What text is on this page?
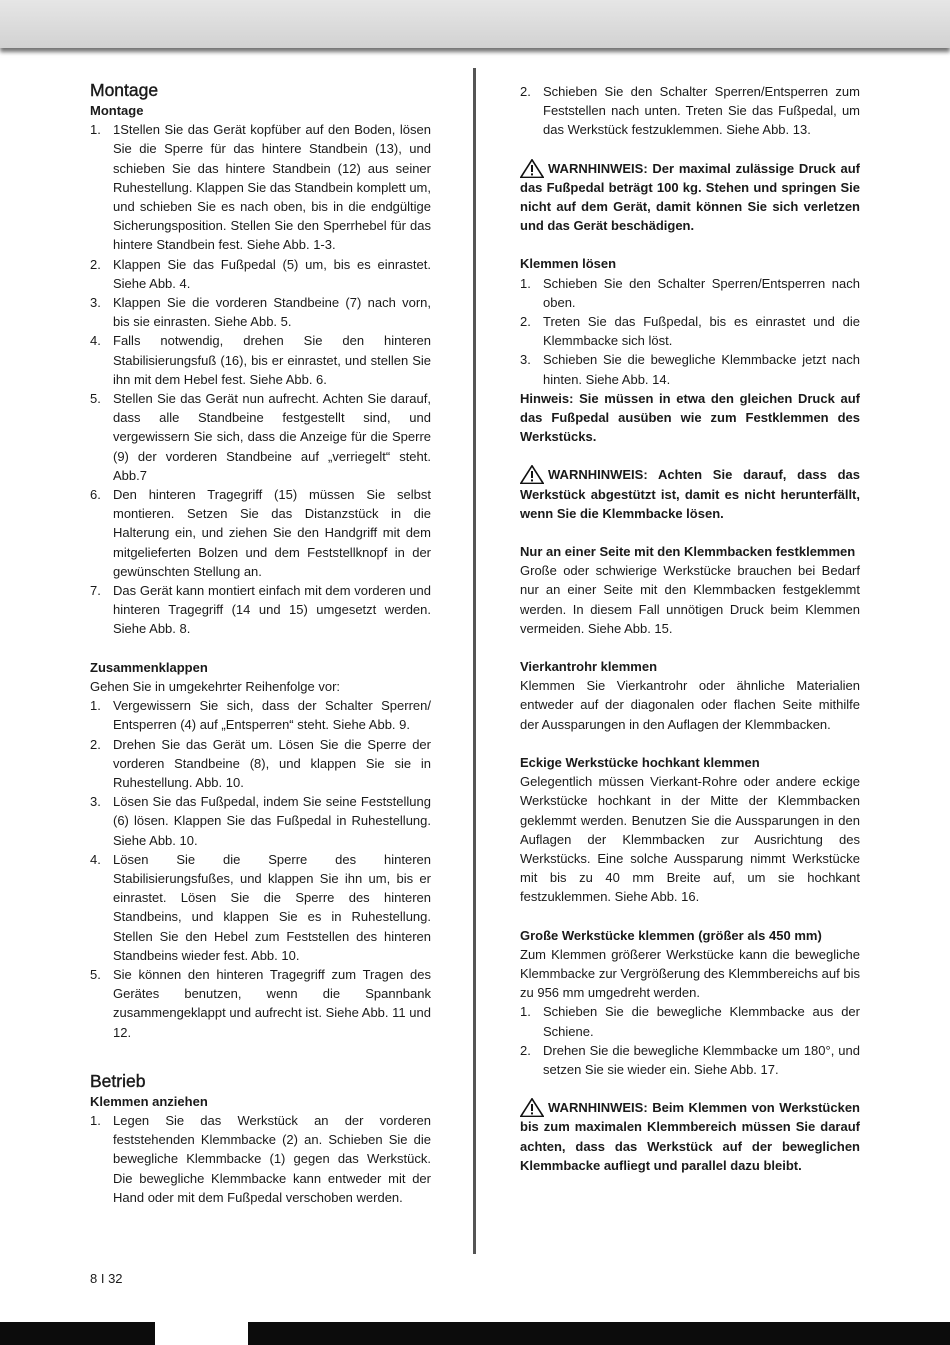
Montage
Montage
1. 1Stellen Sie das Gerät kopfüber auf den Boden, lösen Sie die Sperre für das hintere Standbein (13), und schieben Sie das hintere Standbein (12) aus seiner Ruhestellung. Klappen Sie das Standbein komplett um, und schieben Sie es nach oben, bis in die endgültige Sicherungsposition. Stellen Sie den Sperrhebel für das hintere Standbein fest. Siehe Abb. 1-3.
2. Klappen Sie das Fußpedal (5) um, bis es einrastet. Siehe Abb. 4.
3. Klappen Sie die vorderen Standbeine (7) nach vorn, bis sie einrasten. Siehe Abb. 5.
4. Falls notwendig, drehen Sie den hinteren Stabilisierungsfuß (16), bis er einrastet, und stellen Sie ihn mit dem Hebel fest. Siehe Abb. 6.
5. Stellen Sie das Gerät nun aufrecht. Achten Sie darauf, dass alle Standbeine festgestellt sind, und vergewissern Sie sich, dass die Anzeige für die Sperre (9) der vorderen Standbeine auf „verriegelt“ steht. Abb.7
6. Den hinteren Tragegriff (15) müssen Sie selbst montieren. Setzen Sie das Distanzstück in die Halterung ein, und ziehen Sie den Handgriff mit dem mitgelieferten Bolzen und dem Feststellknopf in der gewünschten Stellung an.
7. Das Gerät kann montiert einfach mit dem vorderen und hinteren Tragegriff (14 und 15) umgesetzt werden. Siehe Abb. 8.
Zusammenklappen

Gehen Sie in umgekehrter Reihenfolge vor:

1. Vergewissern Sie sich, dass der Schalter Sperren/ Entsperren (4) auf „Entsperren“ steht. Siehe Abb. 9.
2. Drehen Sie das Gerät um. Lösen Sie die Sperre der vorderen Standbeine (8), und klappen Sie sie in Ruhestellung. Abb. 10.
3. Lösen Sie das Fußpedal, indem Sie seine Feststellung (6) lösen. Klappen Sie das Fußpedal in Ruhestellung. Siehe Abb. 10.
4. Lösen Sie die Sperre des hinteren Stabilisierungsfußes, und klappen Sie ihn um, bis er einrastet. Lösen Sie die Sperre des hinteren Standbeins, und klappen Sie es in Ruhestellung. Stellen Sie den Hebel zum Feststellen des hinteren Standbeins wieder fest. Abb. 10.
5. Sie können den hinteren Tragegriff zum Tragen des Gerätes benutzen, wenn die Spannbank zusammengeklappt und aufrecht ist. Siehe Abb. 11 und 12.
Betrieb
Klemmen anziehen
1. Legen Sie das Werkstück an der vorderen feststehenden Klemmbacke (2) an. Schieben Sie die bewegliche Klemmbacke (1) gegen das Werkstück. Die bewegliche Klemmbacke kann entweder mit der Hand oder mit dem Fußpedal verschoben werden.
2. Schieben Sie den Schalter Sperren/Entsperren zum Feststellen nach unten. Treten Sie das Fußpedal, um das Werkstück festzuklemmen. Siehe Abb. 13.

WARNHINWEIS: Der maximal zulässige Druck auf das Fußpedal beträgt 100 kg. Stehen und springen Sie nicht auf dem Gerät, damit können Sie sich verletzen und das Gerät beschädigen.

Klemmen lösen
1. Schieben Sie den Schalter Sperren/Entsperren nach oben.
2. Treten Sie das Fußpedal, bis es einrastet und die Klemmbacke sich löst.
3. Schieben Sie die bewegliche Klemmbacke jetzt nach hinten. Siehe Abb. 14.

Hinweis: Sie müssen in etwa den gleichen Druck auf das Fußpedal ausüben wie zum Festklemmen des Werkstücks.

WARNHINWEIS: Achten Sie darauf, dass das Werkstück abgestützt ist, damit es nicht herunterfällt, wenn Sie die Klemmbacke lösen.

Nur an einer Seite mit den Klemmbacken festklemmen

Große oder schwierige Werkstücke brauchen bei Bedarf nur an einer Seite mit den Klemmbacken festgeklemmt werden. In diesem Fall unnötigen Druck beim Klemmen vermeiden. Siehe Abb. 15.

Vierkantrohr klemmen

Klemmen Sie Vierkantrohr oder ähnliche Materialien entweder auf der diagonalen oder flachen Seite mithilfe der Aussparungen in den Auflagen der Klemmbacken.

Eckige Werkstücke hochkant klemmen

Gelegentlich müssen Vierkant-Rohre oder andere eckige Werkstücke hochkant in der Mitte der Klemmbacken geklemmt werden. Benutzen Sie die Aussparungen in den Auflagen der Klemmbacken zur Ausrichtung des Werkstücks. Eine solche Aussparung nimmt Werkstücke mit bis zu 40 mm Breite auf, um sie hochkant festzuklemmen. Siehe Abb. 16.

Große Werkstücke klemmen (größer als 450 mm)

Zum Klemmen größerer Werkstücke kann die bewegliche Klemmbacke zur Vergrößerung des Klemmbereichs auf bis zu 956 mm umgedreht werden.

1. Schieben Sie die bewegliche Klemmbacke aus der Schiene.
2. Drehen Sie die bewegliche Klemmbacke um 180°, und setzen Sie sie wieder ein. Siehe Abb. 17.

WARNHINWEIS: Beim Klemmen von Werkstücken bis zum maximalen Klemmbereich müssen Sie darauf achten, dass das Werkstück auf der beweglichen Klemmbacke aufliegt und parallel dazu bleibt.

8 I 32
